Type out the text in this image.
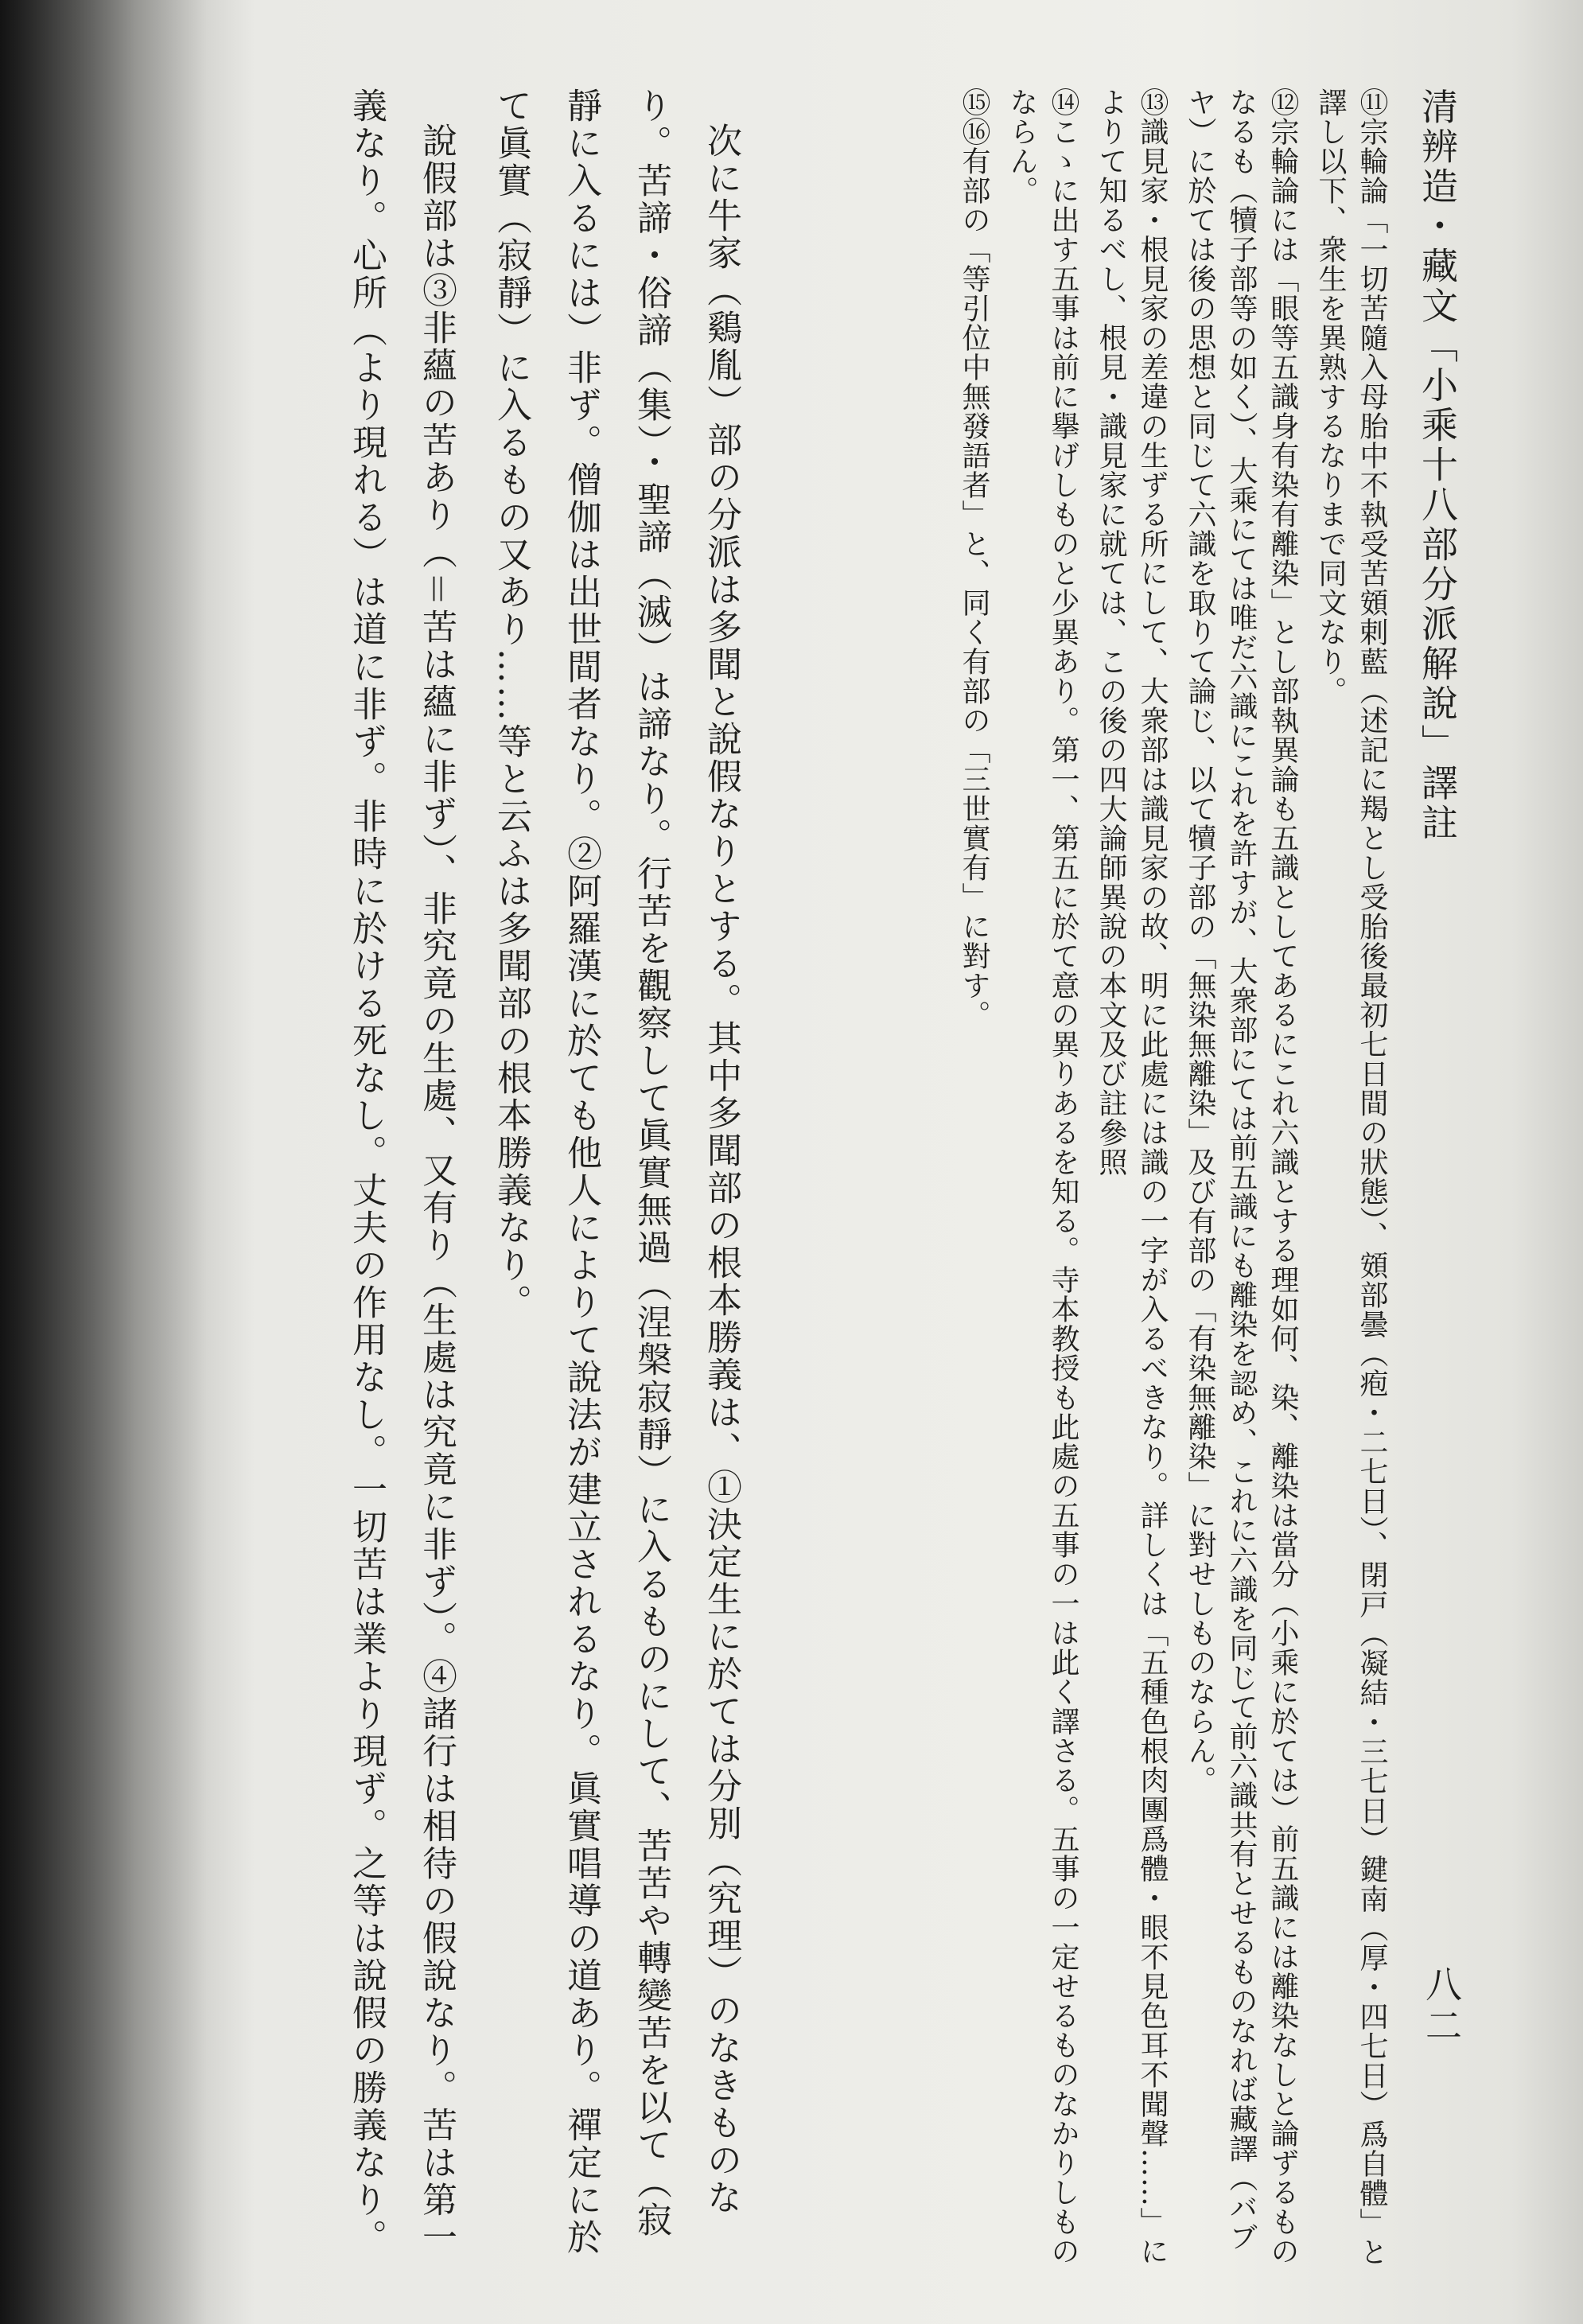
清辨造・藏文「小乘十八部分派解說」譯註
八二

⑪宗輪論「一切苦隨入母胎中不執受苦頞剌藍（述記に羯とし受胎後最初七日間の狀態）、頞部曇（疱・二七日）、閉戸（凝結・三七日）鍵南（厚・四七日）爲自體」と譯し以下、衆生を異熟するなりまで同文なり。

⑫宗輪論には「眼等五識身有染有離染」とし部執異論も五識としてあるにこれ六識とする理如何、染、離染は當分（小乘に於ては）前五識には離染なしと論ずるものなるも（犢子部等の如く）、大乘にては唯だ六識にこれを許すが、大衆部にては前五識にも離染を認め、これに六識を同じて前六識共有とせるものなれば藏譯（バブヤ）に於ては後の思想と同じて六識を取りて論じ、以て犢子部の「無染無離染」及び有部の「有染無離染」に對せしものならん。

⑬識見家・根見家の差違の生ずる所にして、大衆部は識見家の故、明に此處には識の一字が入るべきなり。詳しくは「五種色根肉團爲體・眼不見色耳不聞聲……」によりて知るべし、根見・識見家に就ては、この後の四大論師異說の本文及び註參照

⑭こゝに出す五事は前に擧げしものと少異あり。第一、第五に於て意の異りあるを知る。寺本教授も此處の五事の一は此く譯さる。五事の一定せるものなかりしものならん。

⑮⑯有部の「等引位中無發語者」と、同く有部の「三世實有」に對す。

次に牛家（鷄胤）部の分派は多聞と說假なりとする。其中多聞部の根本勝義は、①決定生に於ては分別（究理）のなきものなり。苦諦・俗諦（集）・聖諦（滅）は諦なり。行苦を觀察して眞實無過（涅槃寂靜）に入るものにして、苦苦や轉變苦を以て（寂靜に入るには）非ず。僧伽は出世間者なり。②阿羅漢に於ても他人によりて說法が建立されるなり。眞實唱導の道あり。禪定に於て眞實（寂靜）に入るもの又あり……等と云ふは多聞部の根本勝義なり。

說假部は③非蘊の苦あり（＝苦は蘊に非ず）、非究竟の生處、又有り（生處は究竟に非ず）。④諸行は相待の假說なり。苦は第一義なり。心所（より現れる）は道に非ず。非時に於ける死なし。丈夫の作用なし。一切苦は業より現ず。之等は說假の勝義なり。
